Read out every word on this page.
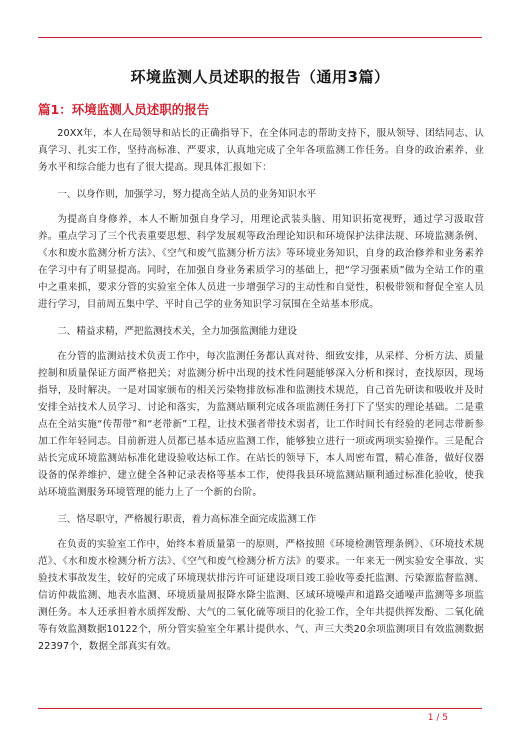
环境监测人员述职的报告（通用3篇）
篇1：环境监测人员述职的报告

20XX年，本人在局领导和站长的正确指导下，在全体同志的帮助支持下，服从领导、团结同志、认真学习、扎实工作，坚持高标准、严要求，认真地完成了全年各项监测工作任务。自身的政治素养、业务水平和综合能力也有了很大提高。现具体汇报如下：

一、以身作则，加强学习，努力提高全站人员的业务知识水平

为提高自身修养，本人不断加强自身学习，用理论武装头脑、用知识拓宽视野，通过学习汲取营养。重点学习了三个代表重要思想、科学发展观等政治理论知识和环境保护法律法规、环境监测条例、《水和废水监测分析方法》、《空气和废气监测分析方法》等环境业务知识，自身的政治修养和业务素养在学习中有了明显提高。同时，在加强自身业务素质学习的基础上，把“学习强素质”做为全站工作的重中之重来抓，要求分管的实验室全体人员进一步增强学习的主动性和自觉性，积极带领和督促全室人员进行学习，目前周五集中学、平时自己学的业务知识学习氛围在全站基本形成。

二、精益求精，严把监测技术关，全力加强监测能力建设

在分管的监测站技术负责工作中，每次监测任务都认真对待、细致安排，从采样、分析方法、质量控制和质量保证方面严格把关；对监测分析中出现的技术性问题能够深入分析和探讨，查找原因，现场指导，及时解决。一是对国家颁布的相关污染物排放标准和监测技术规范，自己首先研读和吸收并及时安排全站技术人员学习、讨论和落实，为监测站顺利完成各项监测任务打下了坚实的理论基础。二是重点在全站实施“传帮带”和“老带新”工程，让技术强者带技术弱者，让工作时间长有经验的老同志带新参加工作年轻同志。目前新进人员都已基本适应监测工作，能够独立进行一项或两项实验操作。三是配合站长完成环境监测站标准化建设验收达标工作。在站长的领导下，本人周密布置，精心准备，做好仪器设备的保养维护、建立健全各种记录表格等基本工作，使得我县环境监测站顺利通过标准化验收，使我站环境监测服务环境管理的能力上了一个新的台阶。

三、恪尽职守，严格履行职责，着力高标准全面完成监测工作

在负责的实验室工作中，始终本着质量第一的原则，严格按照《环境检测管理条例》、《环境技术规范》、《水和废水检测分析方法》、《空气和废气检测分析方法》的要求。一年来无一例实验安全事故、实验技术事故发生，较好的完成了环境现状排污许可证建设项目竣工验收等委托监测、污染源监督监测、信访仲裁监测、地表水监测、环境质量周报降水降尘监测、区域环境噪声和道路交通噪声监测等多项监测任务。本人还承担着水质挥发酚、大气的二氧化硫等项目的化验工作，全年共提供挥发酚、二氧化硫等有效监测数据10122个，所分管实验室全年累计提供水、气、声三大类20余项监测项目有效监测数据22397个，数据全部真实有效。

1 / 5
